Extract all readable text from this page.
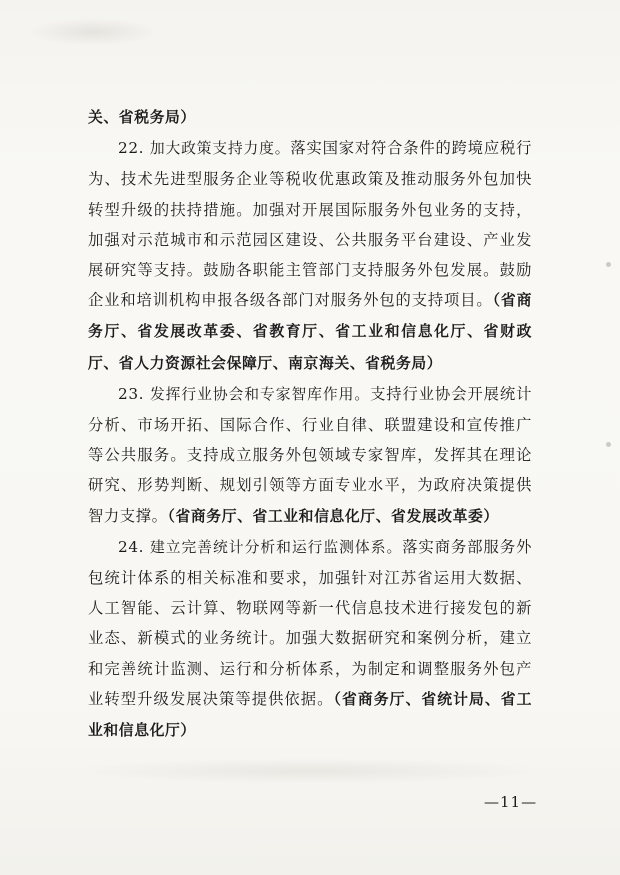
关、省税务局）

22. 加大政策支持力度。落实国家对符合条件的跨境应税行为、技术先进型服务企业等税收优惠政策及推动服务外包加快转型升级的扶持措施。加强对开展国际服务外包业务的支持，加强对示范城市和示范园区建设、公共服务平台建设、产业发展研究等支持。鼓励各职能主管部门支持服务外包发展。鼓励企业和培训机构申报各级各部门对服务外包的支持项目。（省商务厅、省发展改革委、省教育厅、省工业和信息化厅、省财政厅、省人力资源社会保障厅、南京海关、省税务局）

23. 发挥行业协会和专家智库作用。支持行业协会开展统计分析、市场开拓、国际合作、行业自律、联盟建设和宣传推广等公共服务。支持成立服务外包领域专家智库，发挥其在理论研究、形势判断、规划引领等方面专业水平，为政府决策提供智力支撑。（省商务厅、省工业和信息化厅、省发展改革委）

24. 建立完善统计分析和运行监测体系。落实商务部服务外包统计体系的相关标准和要求，加强针对江苏省运用大数据、人工智能、云计算、物联网等新一代信息技术进行接发包的新业态、新模式的业务统计。加强大数据研究和案例分析，建立和完善统计监测、运行和分析体系，为制定和调整服务外包产业转型升级发展决策等提供依据。（省商务厅、省统计局、省工业和信息化厅）

—11—
